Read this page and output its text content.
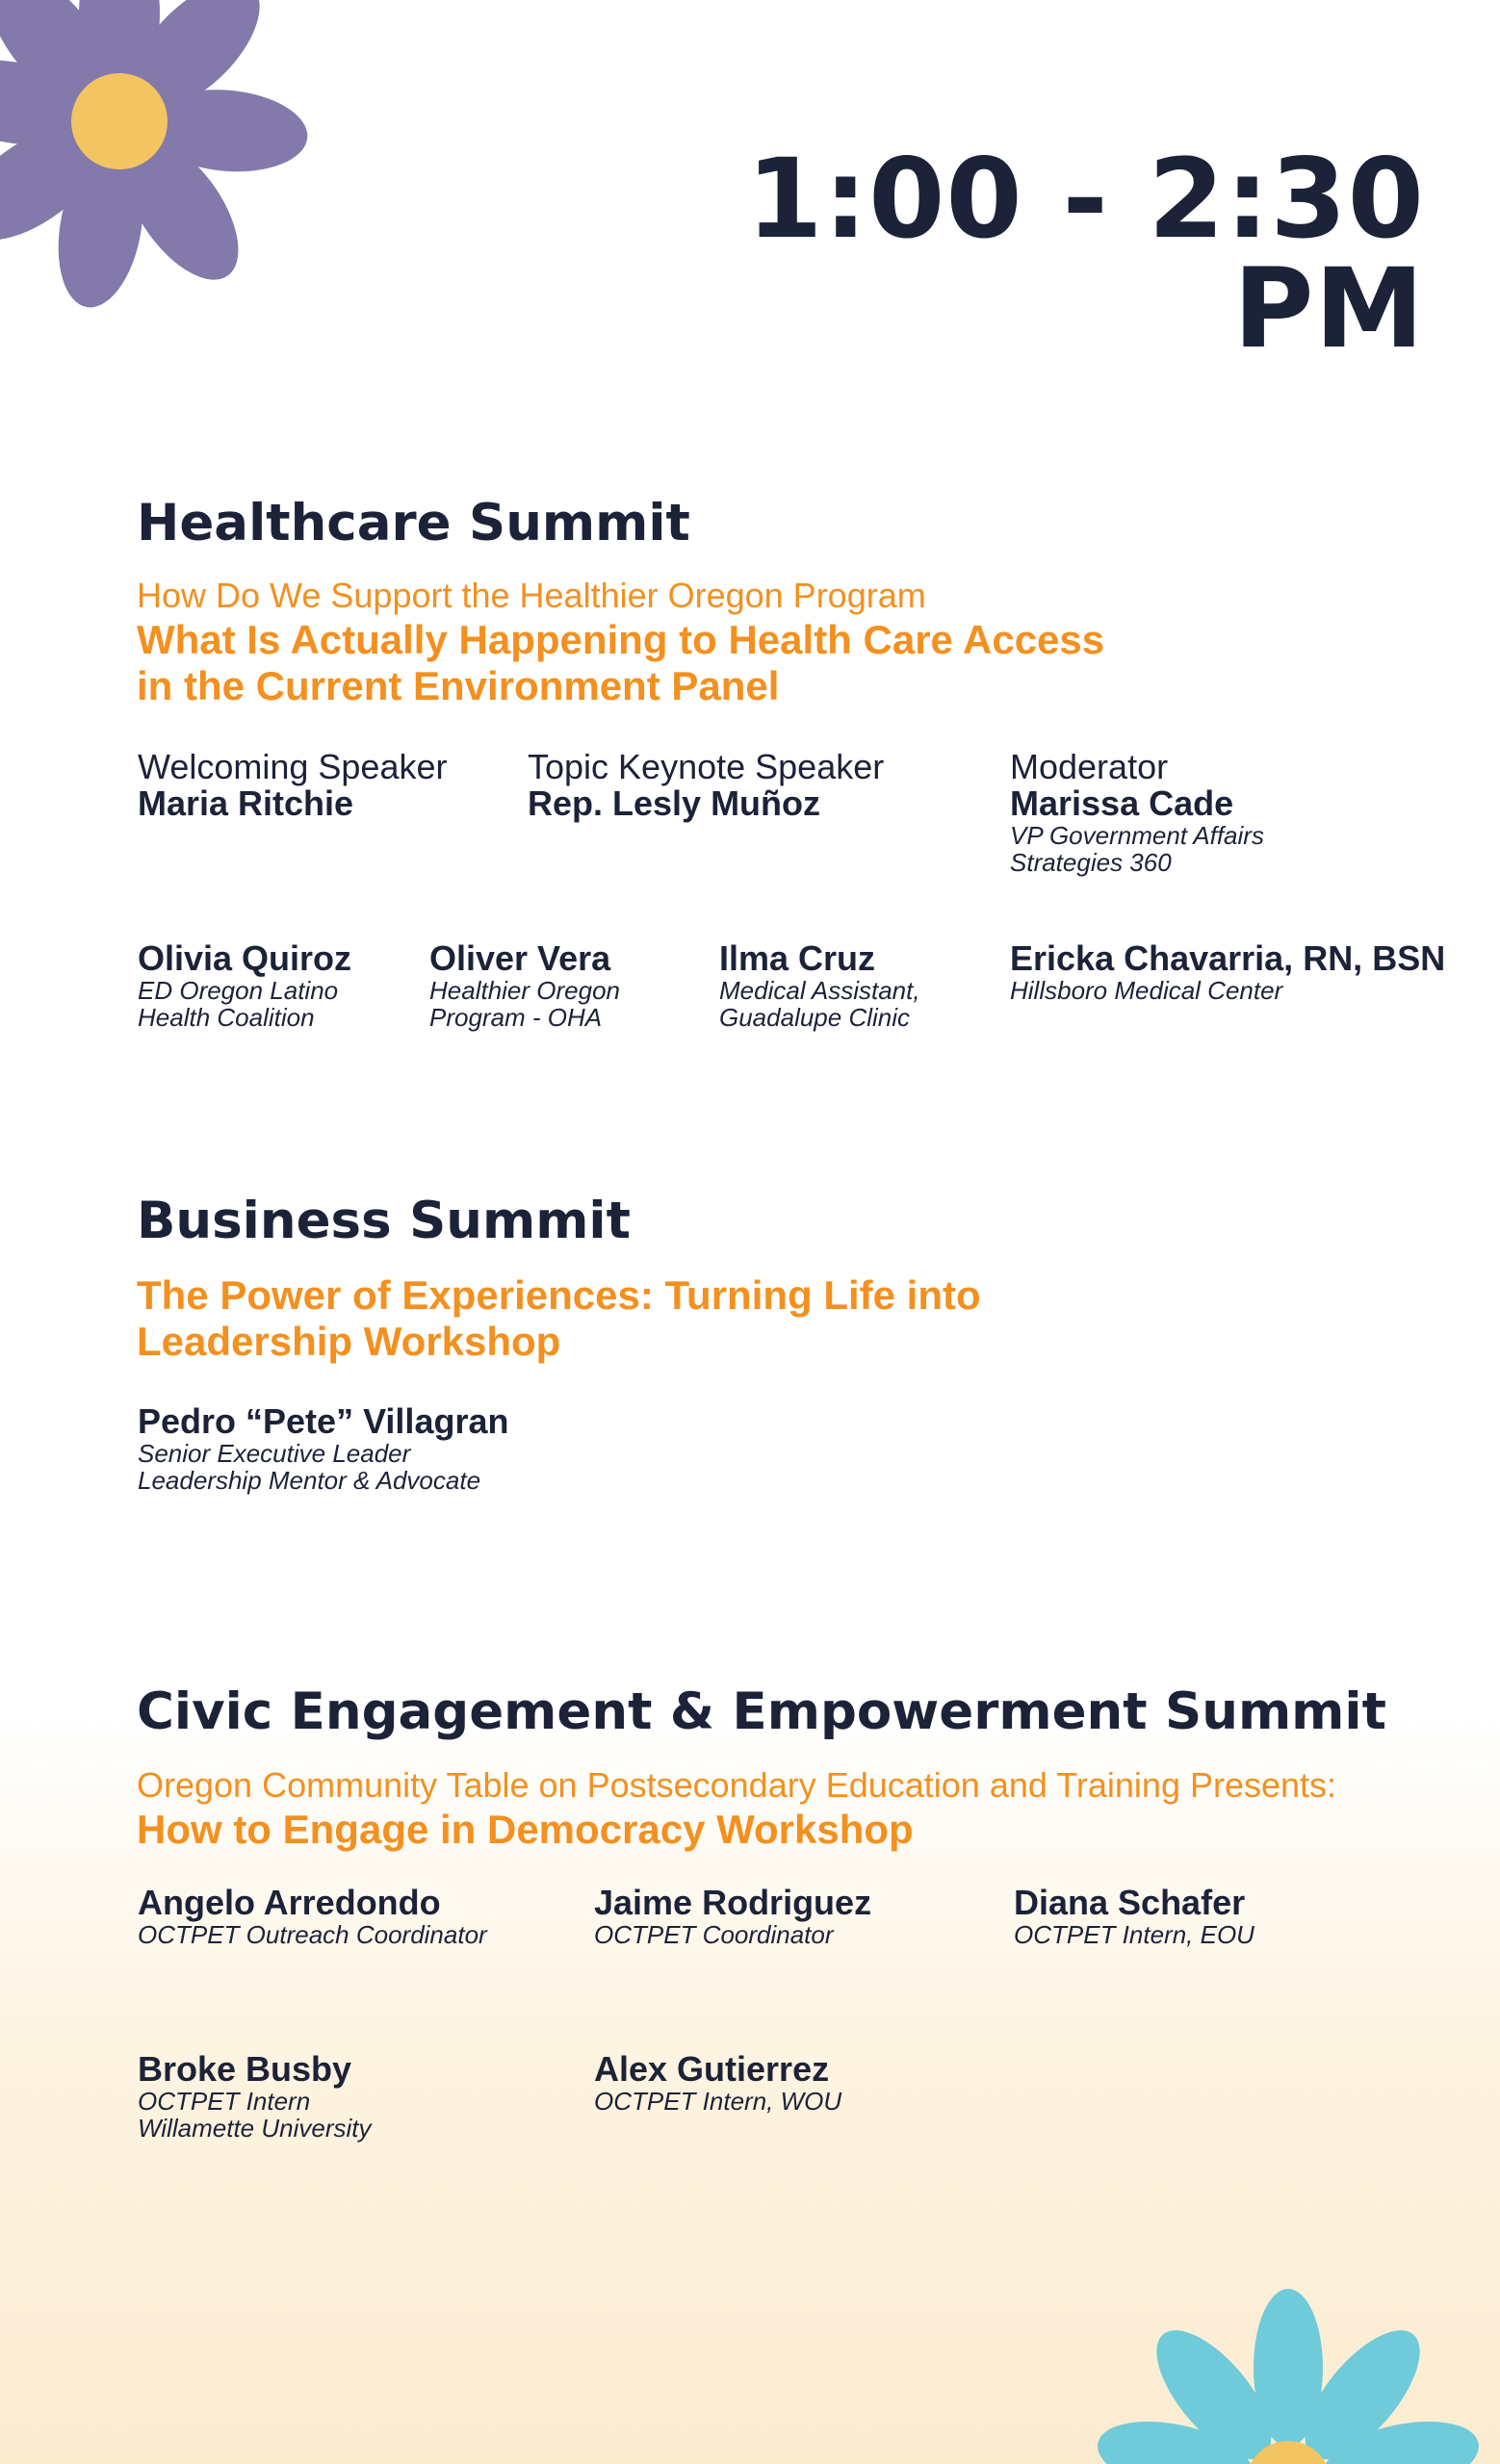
1:00 - 2:30 PM
Healthcare Summit
How Do We Support the Healthier Oregon Program
What Is Actually Happening to Health Care Access
in the Current Environment Panel
Welcoming Speaker
Maria Ritchie
Topic Keynote Speaker
Rep. Lesly Muñoz
Moderator
Marissa Cade
VP Government Affairs
Strategies 360
Olivia Quiroz
ED Oregon Latino
Health Coalition
Oliver Vera
Healthier Oregon
Program - OHA
Ilma Cruz
Medical Assistant,
Guadalupe Clinic
Ericka Chavarria, RN, BSN
Hillsboro Medical Center
Business Summit
The Power of Experiences: Turning Life into
Leadership Workshop
Pedro “Pete” Villagran
Senior Executive Leader
Leadership Mentor & Advocate
Civic Engagement & Empowerment Summit
Oregon Community Table on Postsecondary Education and Training Presents:
How to Engage in Democracy Workshop
Angelo Arredondo
OCTPET Outreach Coordinator
Jaime Rodriguez
OCTPET Coordinator
Diana Schafer
OCTPET Intern, EOU
Broke Busby
OCTPET Intern
Willamette University
Alex Gutierrez
OCTPET Intern, WOU
